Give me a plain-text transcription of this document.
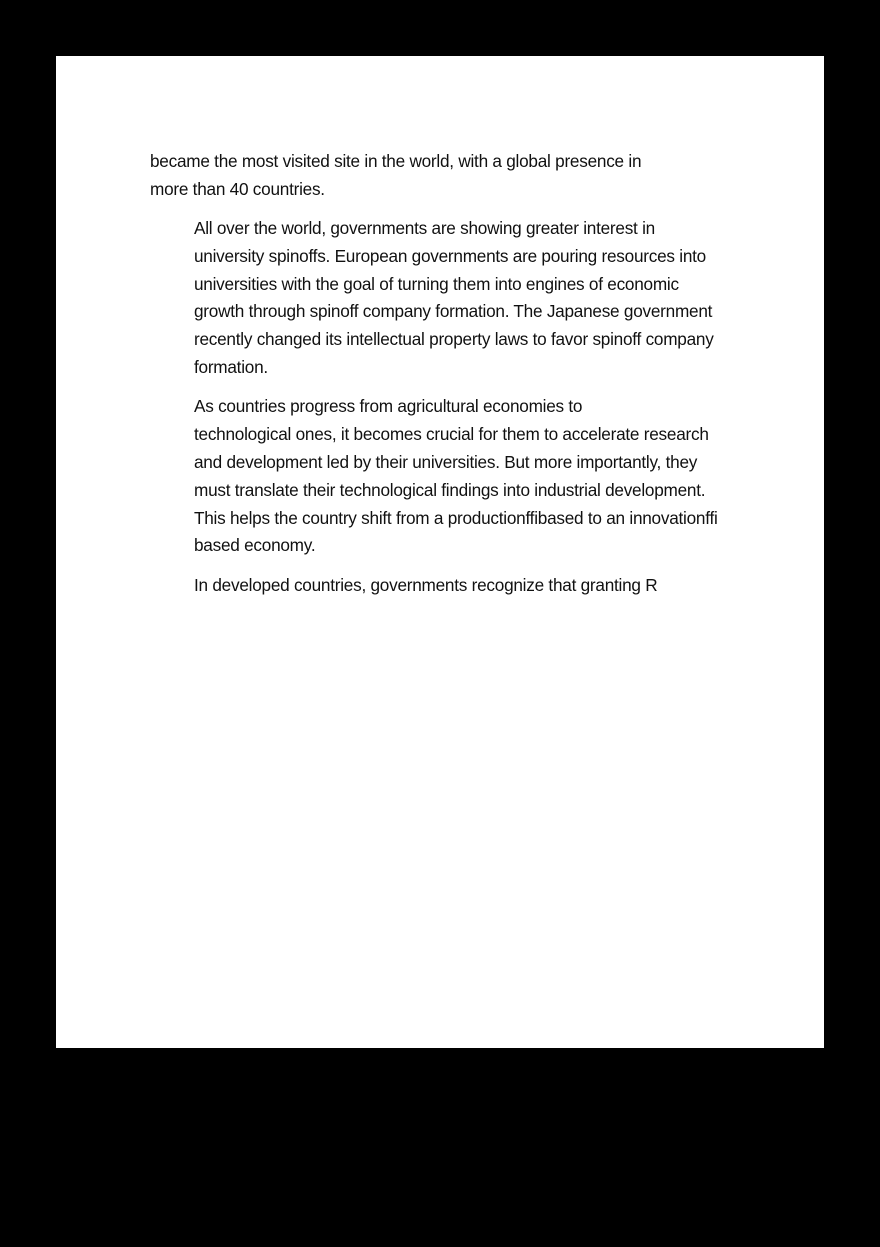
became the most visited site in the world, with a global presence in
more than 40 countries.

All over the world, governments are showing greater interest in
university spinoffs. European governments are pouring resources into
universities with the goal of turning them into engines of economic
growth through spinoff company formation. The Japanese government
recently changed its intellectual property laws to favor spinoff company
formation.

As countries progress from agricultural economies to
technological ones, it becomes crucial for them to accelerate research
and development led by their universities. But more importantly, they
must translate their technological findings into industrial development.
This helps the country shift from a productionffibased to an innovationffi
based economy.

In developed countries, governments recognize that granting R
